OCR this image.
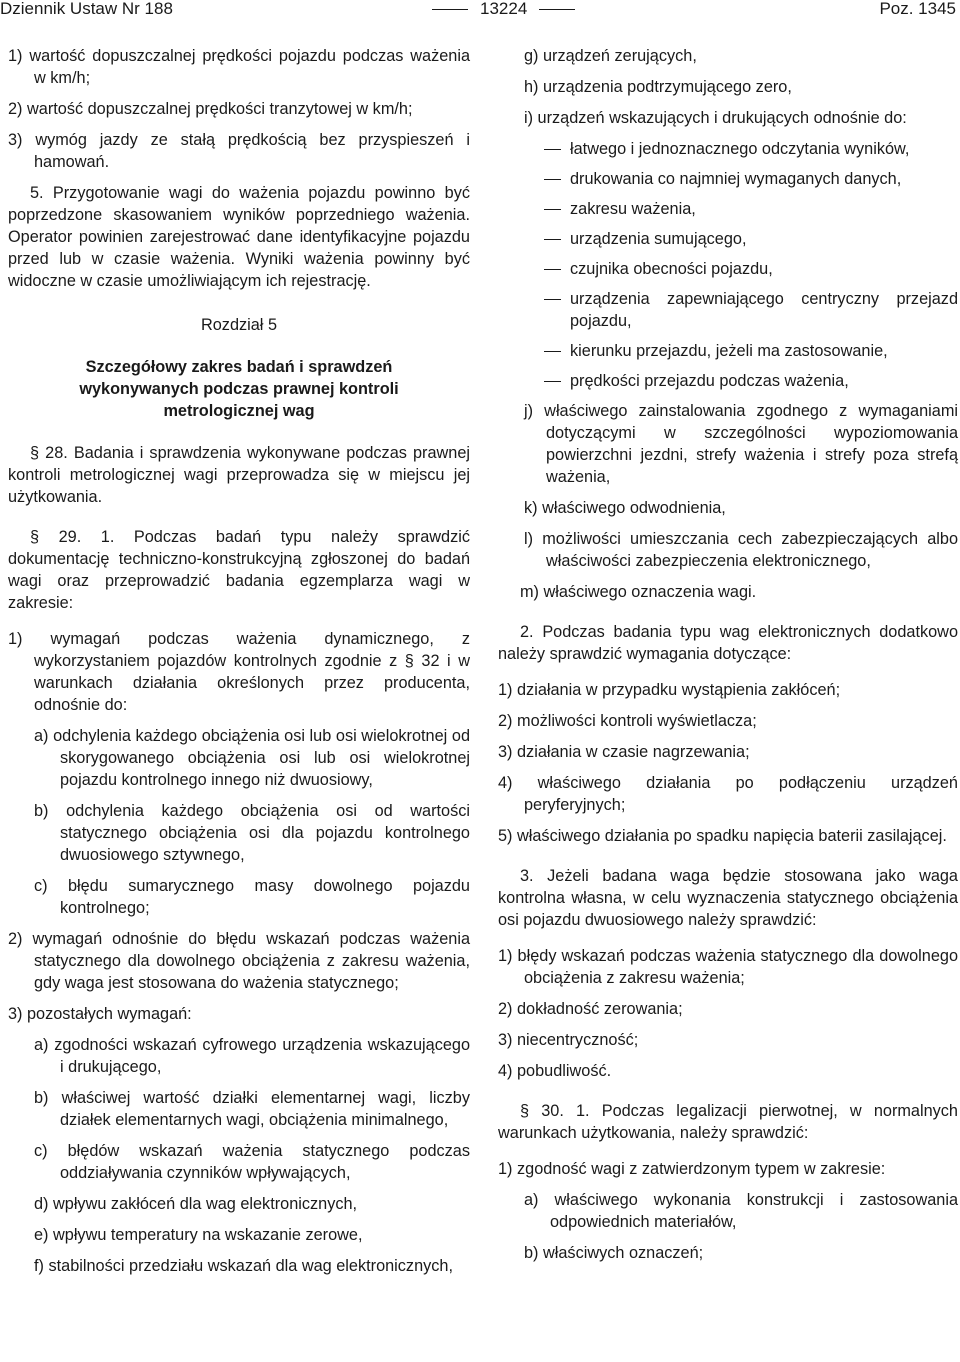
Dziennik Ustaw Nr 188	13224	Poz. 1345

1) wartość dopuszczalnej prędkości pojazdu podczas ważenia w km/h;

2) wartość dopuszczalnej prędkości tranzytowej w km/h;

3) wymóg jazdy ze stałą prędkością bez przyspieszeń i hamowań.

5. Przygotowanie wagi do ważenia pojazdu powinno być poprzedzone skasowaniem wyników poprzedniego ważenia. Operator powinien zarejestrować dane identyfikacyjne pojazdu przed lub w czasie ważenia. Wyniki ważenia powinny być widoczne w czasie umożliwiającym ich rejestrację.

Rozdział 5

Szczegółowy zakres badań i sprawdzeń wykonywanych podczas prawnej kontroli metrologicznej wag

§ 28. Badania i sprawdzenia wykonywane podczas prawnej kontroli metrologicznej wagi przeprowadza się w miejscu jej użytkowania.

§ 29. 1. Podczas badań typu należy sprawdzić dokumentację techniczno-konstrukcyjną zgłoszonej do badań wagi oraz przeprowadzić badania egzemplarza wagi w zakresie:

1) wymagań podczas ważenia dynamicznego, z wykorzystaniem pojazdów kontrolnych zgodnie z § 32 i w warunkach działania określonych przez producenta, odnośnie do:

a) odchylenia każdego obciążenia osi lub osi wielokrotnej od skorygowanego obciążenia osi lub osi wielokrotnej pojazdu kontrolnego innego niż dwuosiowy,

b) odchylenia każdego obciążenia osi od wartości statycznego obciążenia osi dla pojazdu kontrolnego dwuosiowego sztywnego,

c) błędu sumarycznego masy dowolnego pojazdu kontrolnego;

2) wymagań odnośnie do błędu wskazań podczas ważenia statycznego dla dowolnego obciążenia z zakresu ważenia, gdy waga jest stosowana do ważenia statycznego;

3) pozostałych wymagań:

a) zgodności wskazań cyfrowego urządzenia wskazującego i drukującego,

b) właściwej wartość działki elementarnej wagi, liczby działek elementarnych wagi, obciążenia minimalnego,

c) błędów wskazań ważenia statycznego podczas oddziaływania czynników wpływających,

d) wpływu zakłóceń dla wag elektronicznych,

e) wpływu temperatury na wskazanie zerowe,

f) stabilności przedziału wskazań dla wag elektronicznych,

g) urządzeń zerujących,

h) urządzenia podtrzymującego zero,

i) urządzeń wskazujących i drukujących odnośnie do:

łatwego i jednoznacznego odczytania wyników,

drukowania co najmniej wymaganych danych,

zakresu ważenia,

urządzenia sumującego,

czujnika obecności pojazdu,

urządzenia zapewniającego centryczny przejazd pojazdu,

kierunku przejazdu, jeżeli ma zastosowanie,

prędkości przejazdu podczas ważenia,

j) właściwego zainstalowania zgodnego z wymaganiami dotyczącymi w szczególności wypoziomowania powierzchni jezdni, strefy ważenia i strefy poza strefą ważenia,

k) właściwego odwodnienia,

l) możliwości umieszczania cech zabezpieczających albo właściwości zabezpieczenia elektronicznego,

m) właściwego oznaczenia wagi.

2. Podczas badania typu wag elektronicznych dodatkowo należy sprawdzić wymagania dotyczące:

1) działania w przypadku wystąpienia zakłóceń;

2) możliwości kontroli wyświetlacza;

3) działania w czasie nagrzewania;

4) właściwego działania po podłączeniu urządzeń peryferyjnych;

5) właściwego działania po spadku napięcia baterii zasilającej.

3. Jeżeli badana waga będzie stosowana jako waga kontrolna własna, w celu wyznaczenia statycznego obciążenia osi pojazdu dwuosiowego należy sprawdzić:

1) błędy wskazań podczas ważenia statycznego dla dowolnego obciążenia z zakresu ważenia;

2) dokładność zerowania;

3) niecentryczność;

4) pobudliwość.

§ 30. 1. Podczas legalizacji pierwotnej, w normalnych warunkach użytkowania, należy sprawdzić:

1) zgodność wagi z zatwierdzonym typem w zakresie:

a) właściwego wykonania konstrukcji i zastosowania odpowiednich materiałów,

b) właściwych oznaczeń;
